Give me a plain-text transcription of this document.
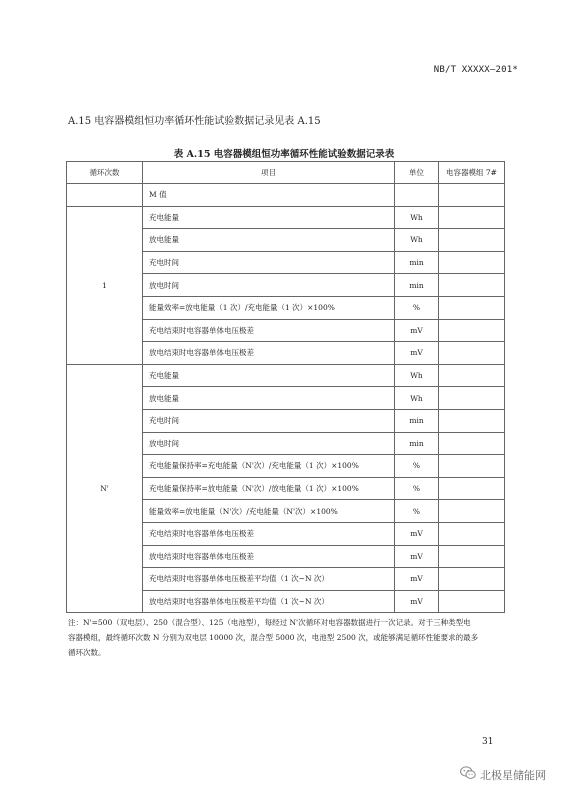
NB/T XXXXX—201*
A.15 电容器模组恒功率循环性能试验数据记录见表 A.15
表 A.15 电容器模组恒功率循环性能试验数据记录表
循环次数	项目	单位	电容器模组 7#
	M 值		
1	充电能量	Wh	
	放电能量	Wh	
	充电时间	min	
	放电时间	min	
	能量效率=放电能量（1 次）/充电能量（1 次）×100%	%	
	充电结束时电容器单体电压极差	mV	
	放电结束时电容器单体电压极差	mV	
N'	充电能量	Wh	
	放电能量	Wh	
	充电时间	min	
	放电时间	min	
	充电能量保持率=充电能量（N'次）/充电能量（1 次）×100%	%	
	充电能量保持率=放电能量（N'次）/放电能量（1 次）×100%	%	
	能量效率=放电能量（N'次）/充电能量（N'次）×100%	%	
	充电结束时电容器单体电压极差	mV	
	放电结束时电容器单体电压极差	mV	
	充电结束时电容器单体电压极差平均值（1 次~N 次）	mV	
	放电结束时电容器单体电压极差平均值（1 次~N 次）	mV	
注：N'=500（双电层）、250（混合型）、125（电池型），每经过 N'次循环对电容器数据进行一次记录。对于三种类型电
容器模组，最终循环次数 N 分别为双电层 10000 次，混合型 5000 次，电池型 2500 次，或能够满足循环性能要求的最多
循环次数。
31
北极星储能网
